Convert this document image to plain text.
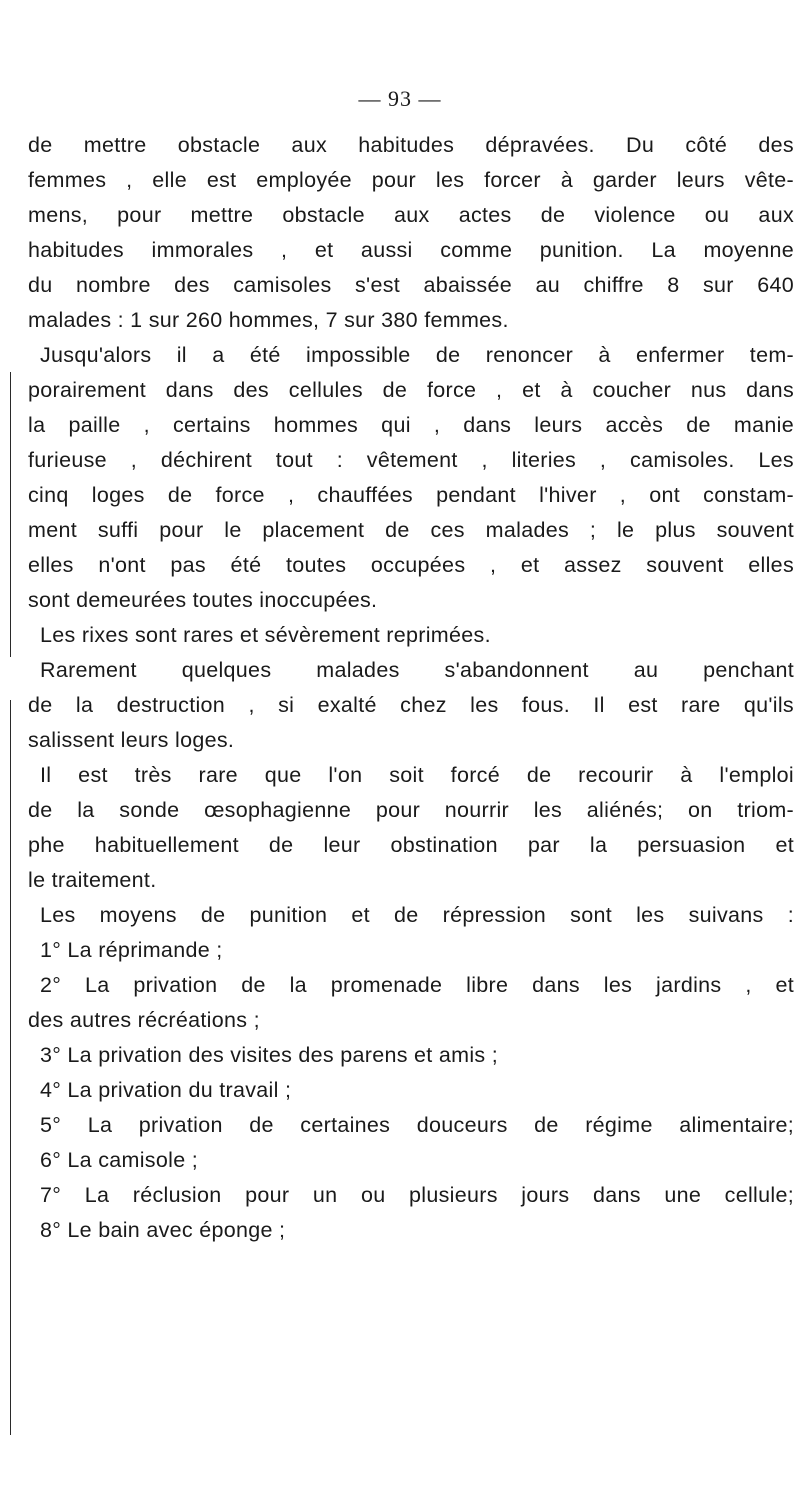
— 93 —
de mettre obstacle aux habitudes dépravées. Du côté des
femmes , elle est employée pour les forcer à garder leurs vête-
mens, pour mettre obstacle aux actes de violence ou aux
habitudes immorales , et aussi comme punition. La moyenne
du nombre des camisoles s'est abaissée au chiffre 8 sur 640
malades : 1 sur 260 hommes, 7 sur 380 femmes.
Jusqu'alors il a été impossible de renoncer à enfermer tem-
porairement dans des cellules de force , et à coucher nus dans
la paille , certains hommes qui , dans leurs accès de manie
furieuse , déchirent tout : vêtement , literies , camisoles. Les
cinq loges de force , chauffées pendant l'hiver , ont constam-
ment suffi pour le placement de ces malades ; le plus souvent
elles n'ont pas été toutes occupées , et assez souvent elles
sont demeurées toutes inoccupées.
Les rixes sont rares et sévèrement reprimées.
Rarement quelques malades s'abandonnent au penchant
de la destruction , si exalté chez les fous. Il est rare qu'ils
salissent leurs loges.
Il est très rare que l'on soit forcé de recourir à l'emploi
de la sonde œsophagienne pour nourrir les aliénés; on triom-
phe habituellement de leur obstination par la persuasion et
le traitement.
Les moyens de punition et de répression sont les suivans :
1° La réprimande ;
2° La privation de la promenade libre dans les jardins , et
des autres récréations ;
3° La privation des visites des parens et amis ;
4° La privation du travail ;
5° La privation de certaines douceurs de régime alimentaire;
6° La camisole ;
7° La réclusion pour un ou plusieurs jours dans une cellule;
8° Le bain avec éponge ;
